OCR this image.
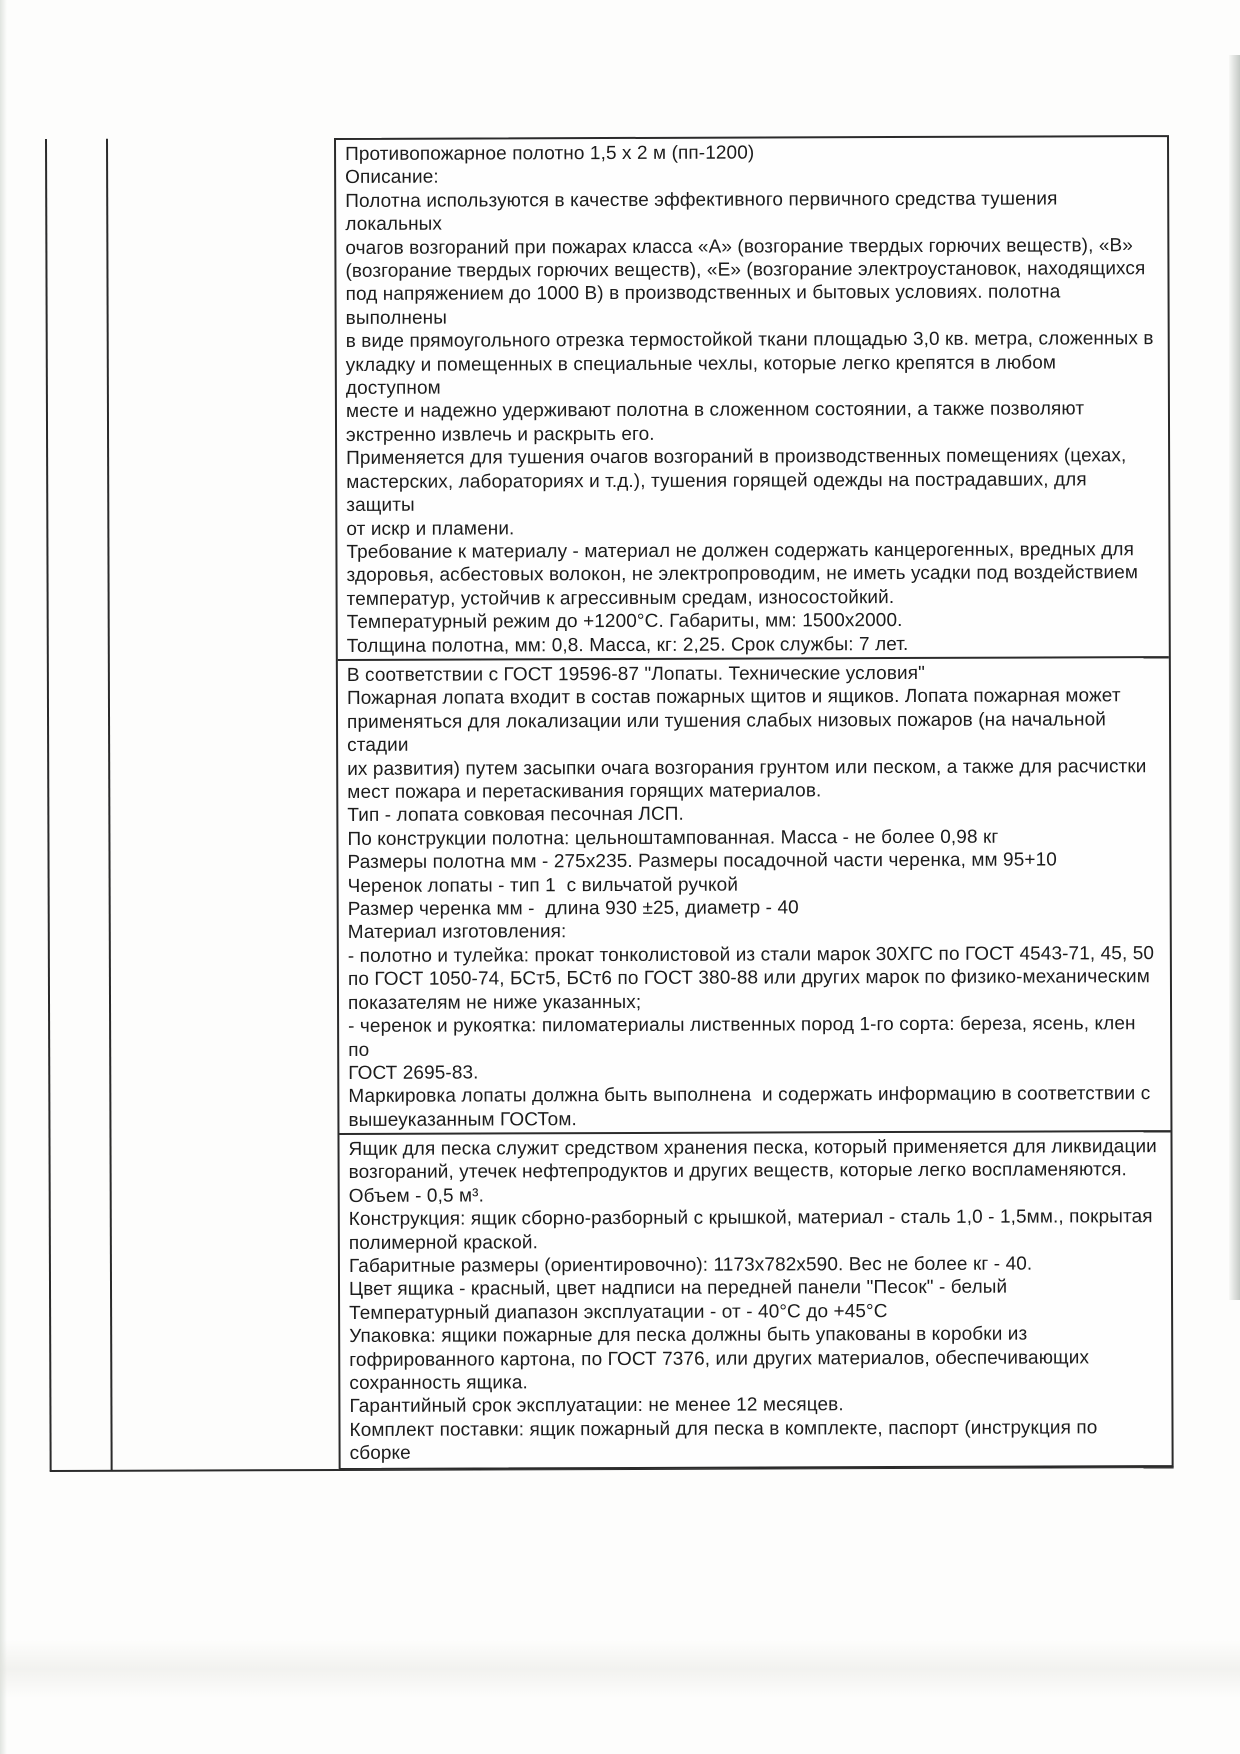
Противопожарное полотно 1,5 х 2 м (пп-1200)
Описание:
Полотна используются в качестве эффективного первичного средства тушения локальных
очагов возгораний при пожарах класса «А» (возгорание твердых горючих веществ), «В»
(возгорание твердых горючих веществ), «Е» (возгорание электроустановок, находящихся
под напряжением до 1000 В) в производственных и бытовых условиях. полотна выполнены
в виде прямоугольного отрезка термостойкой ткани площадью 3,0 кв. метра, сложенных в
укладку и помещенных в специальные чехлы, которые легко крепятся в любом доступном
месте и надежно удерживают полотна в сложенном состоянии, а также позволяют
экстренно извлечь и раскрыть его.
Применяется для тушения очагов возгораний в производственных помещениях (цехах,
мастерских, лабораториях и т.д.), тушения горящей одежды на пострадавших, для защиты
от искр и пламени.
Требование к материалу - материал не должен содержать канцерогенных, вредных для
здоровья, асбестовых волокон, не электропроводим, не иметь усадки под воздействием
температур, устойчив к агрессивным средам, износостойкий.
Температурный режим до +1200°С. Габариты, мм: 1500х2000.
Толщина полотна, мм: 0,8. Масса, кг: 2,25. Срок службы: 7 лет.
В соответствии с ГОСТ 19596-87 "Лопаты. Технические условия"
Пожарная лопата входит в состав пожарных щитов и ящиков. Лопата пожарная может
применяться для локализации или тушения слабых низовых пожаров (на начальной стадии
их развития) путем засыпки очага возгорания грунтом или песком, а также для расчистки
мест пожара и перетаскивания горящих материалов.
Тип - лопата совковая песочная ЛСП.
По конструкции полотна: цельноштампованная. Масса - не более 0,98 кг
Размеры полотна мм - 275х235. Размеры посадочной части черенка, мм 95+10
Черенок лопаты - тип 1  с вильчатой ручкой
Размер черенка мм -  длина 930 ±25, диаметр - 40
Материал изготовления:
- полотно и тулейка: прокат тонколистовой из стали марок 30ХГС по ГОСТ 4543-71, 45, 50
по ГОСТ 1050-74, БСт5, БСт6 по ГОСТ 380-88 или других марок по физико-механическим
показателям не ниже указанных;
- черенок и рукоятка: пиломатериалы лиственных пород 1-го сорта: береза, ясень, клен по
ГОСТ 2695-83.
Маркировка лопаты должна быть выполнена  и содержать информацию в соответствии с
вышеуказанным ГОСТом.
Ящик для песка служит средством хранения песка, который применяется для ликвидации
возгораний, утечек нефтепродуктов и других веществ, которые легко воспламеняются.
Объем - 0,5 м³.
Конструкция: ящик сборно-разборный с крышкой, материал - сталь 1,0 - 1,5мм., покрытая
полимерной краской.
Габаритные размеры (ориентировочно): 1173х782х590. Вес не более кг - 40.
Цвет ящика - красный, цвет надписи на передней панели "Песок" - белый
Температурный диапазон эксплуатации - от - 40°С до +45°С
Упаковка: ящики пожарные для песка должны быть упакованы в коробки из
гофрированного картона, по ГОСТ 7376, или других материалов, обеспечивающих
сохранность ящика.
Гарантийный срок эксплуатации: не менее 12 месяцев.
Комплект поставки: ящик пожарный для песка в комплекте, паспорт (инструкция по сборке
